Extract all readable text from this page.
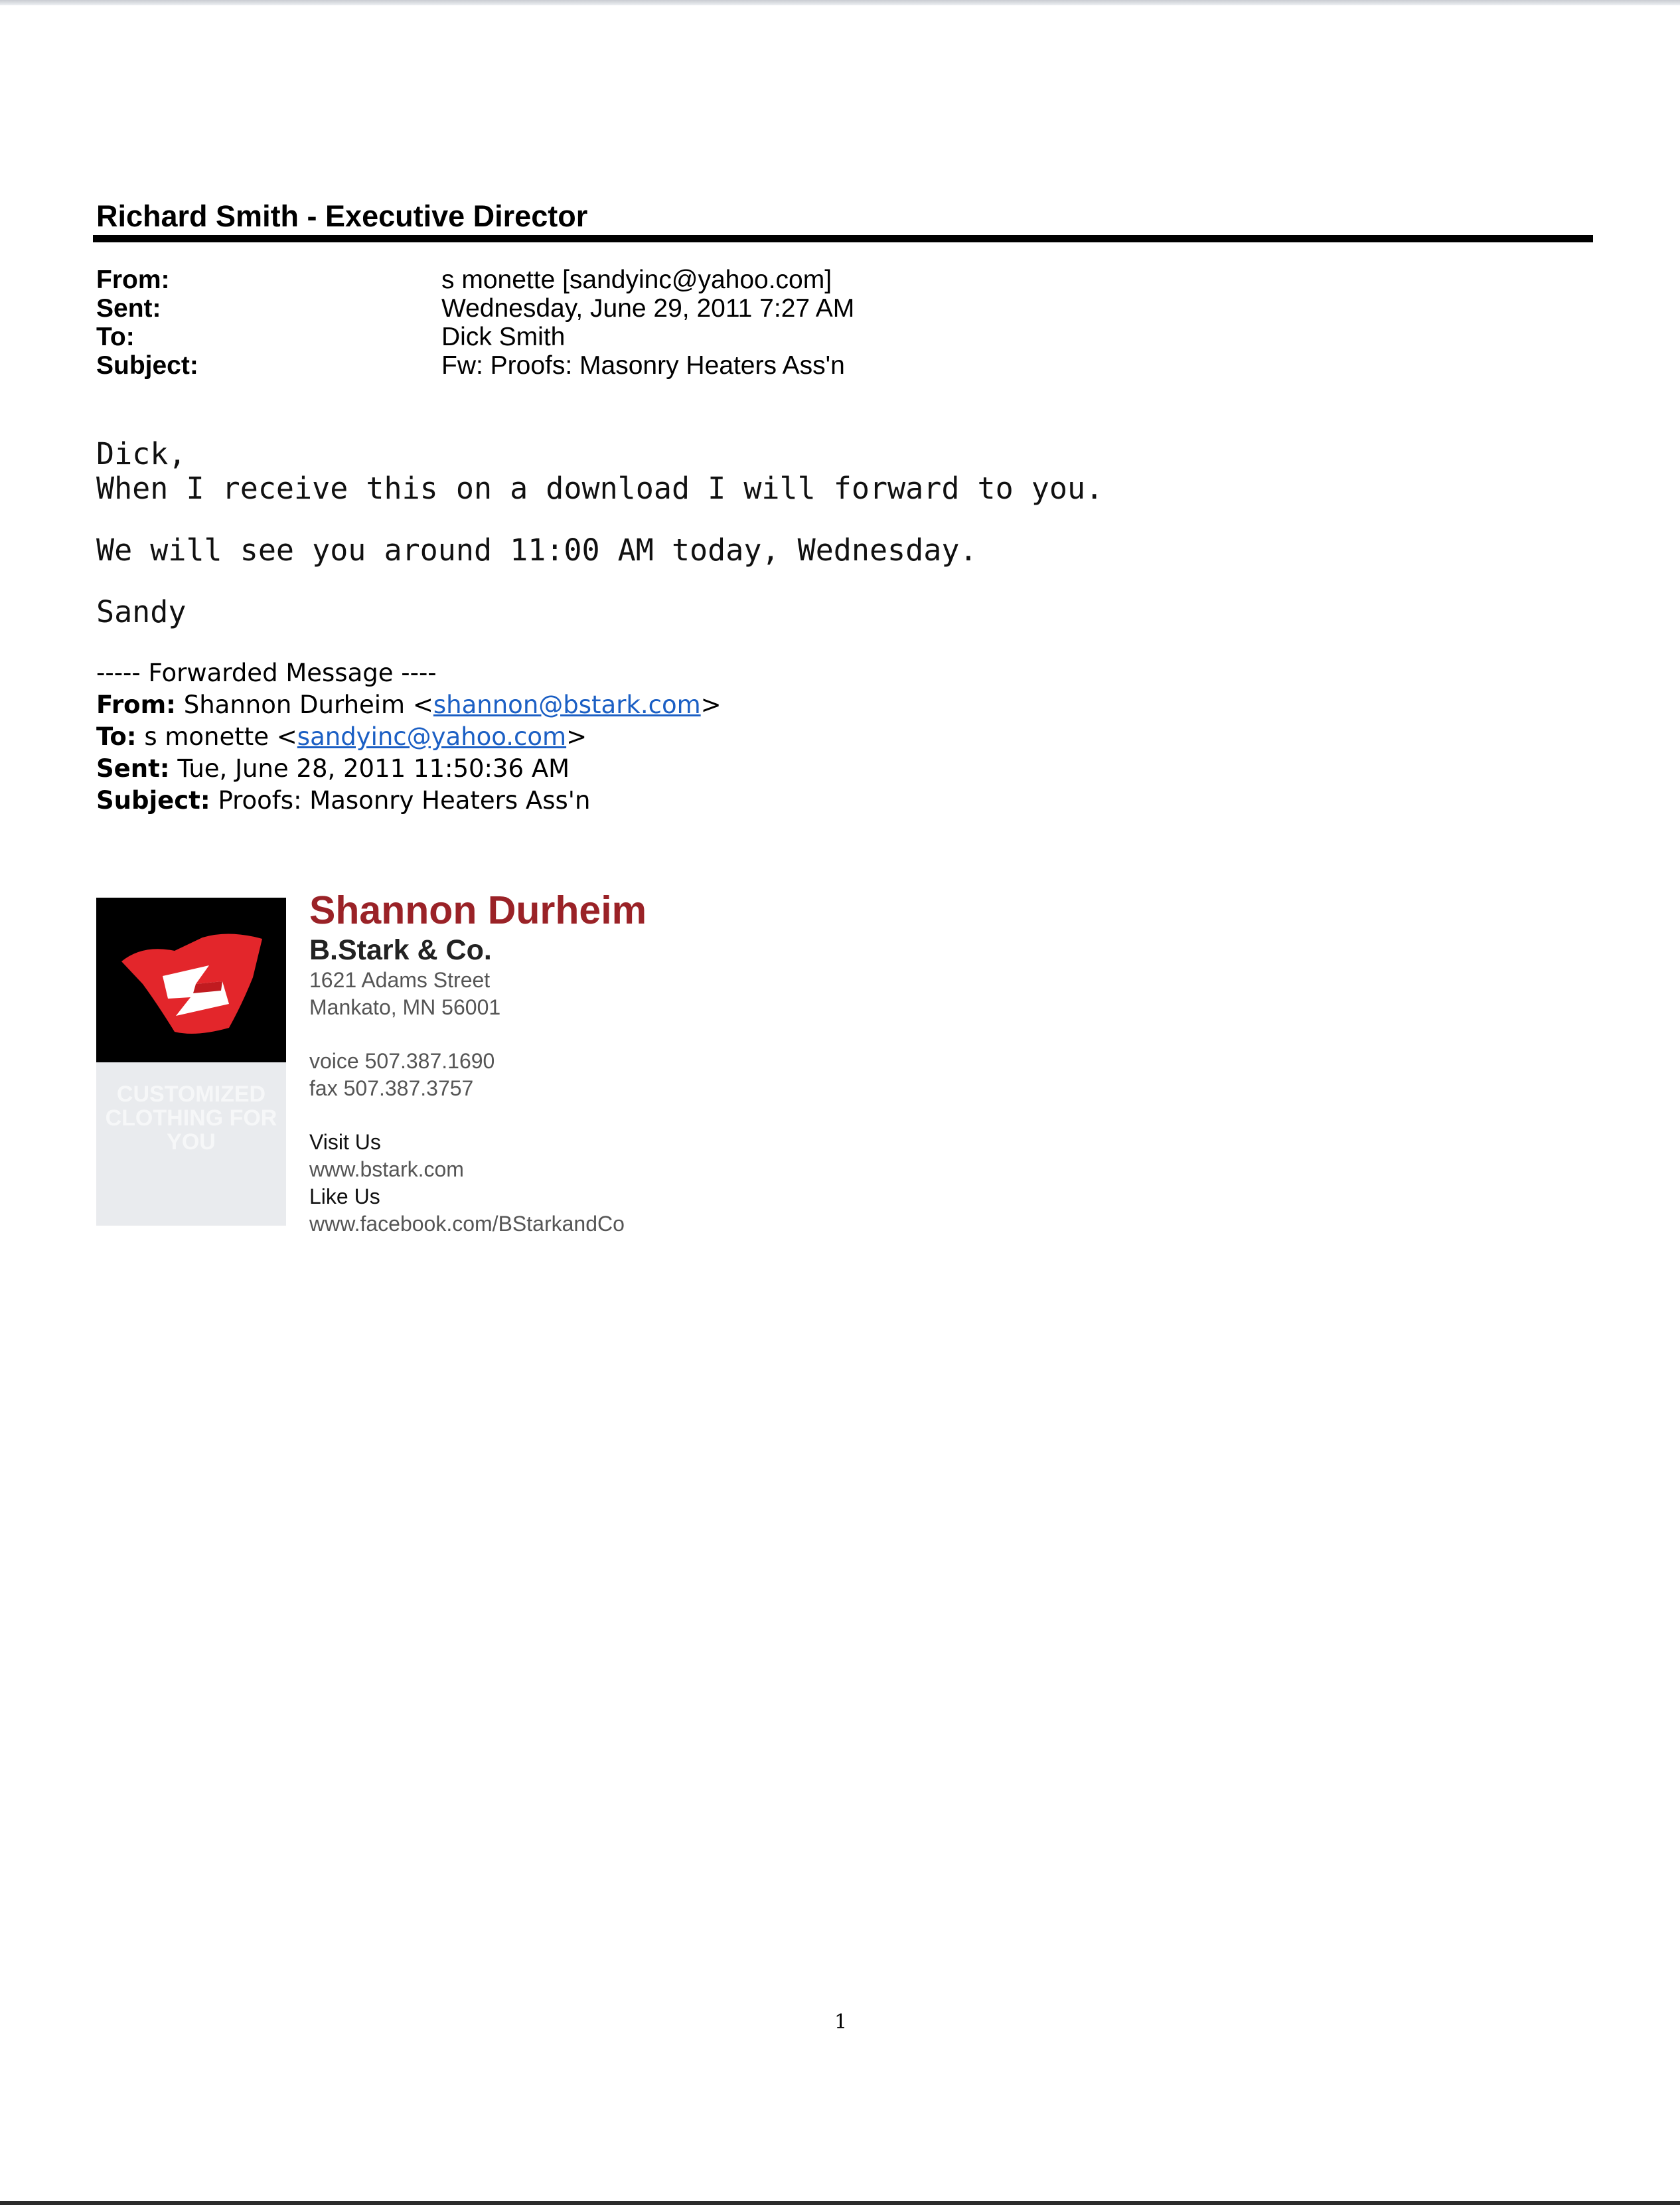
Richard Smith - Executive Director
From:	s monette [sandyinc@yahoo.com]
Sent:	Wednesday, June 29, 2011 7:27 AM
To:	Dick Smith
Subject:	Fw: Proofs: Masonry Heaters Ass'n

Dick,

When I receive this on a download I will forward to you.

We will see you around 11:00 AM today, Wednesday.

Sandy

----- Forwarded Message ----
From: Shannon Durheim <shannon@bstark.com>
To: s monette <sandyinc@yahoo.com>
Sent: Tue, June 28, 2011 11:50:36 AM
Subject: Proofs: Masonry Heaters Ass'n
CUSTOMIZED CLOTHING FOR YOU
Shannon Durheim
B.Stark & Co.
1621 Adams Street
Mankato, MN 56001
voice 507.387.1690
fax 507.387.3757
Visit Us
www.bstark.com
Like Us
www.facebook.com/BStarkandCo
1
